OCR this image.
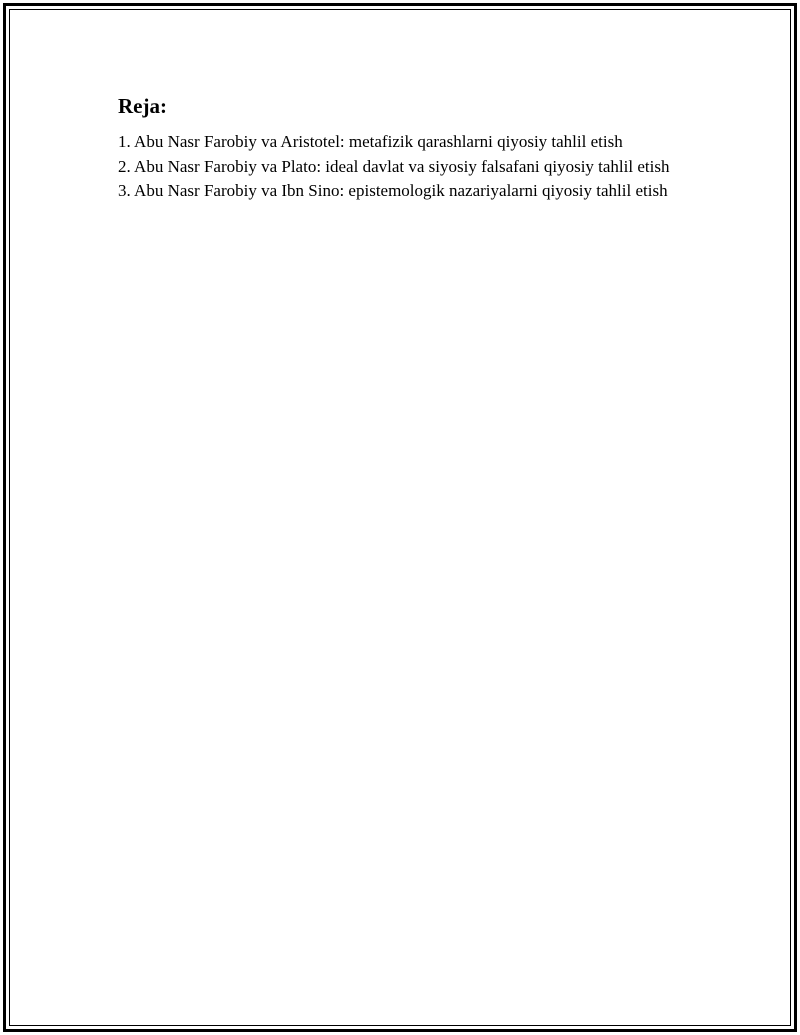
Reja:
1. Abu Nasr Farobiy va Aristotel: metafizik qarashlarni qiyosiy tahlil etish
2. Abu Nasr Farobiy va Plato: ideal davlat va siyosiy falsafani qiyosiy tahlil etish
3. Abu Nasr Farobiy va Ibn Sino: epistemologik nazariyalarni qiyosiy tahlil etish
